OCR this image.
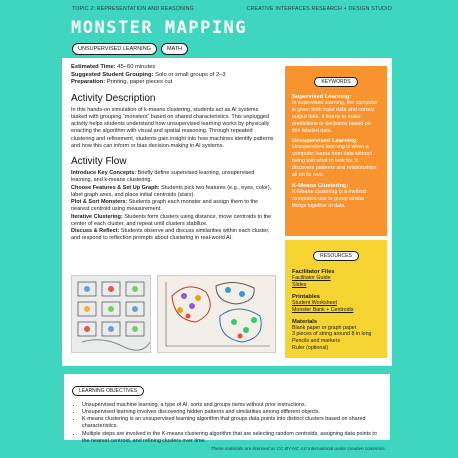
TOPIC 2: REPRESENTATION AND REASONING	CREATIVE INTERFACES RESEARCH + DESIGN STUDIO
MONSTER MAPPING
UNSUPERVISED LEARNING	MATH

Estimated Time: 45–60 minutes

Suggested Student Grouping: Solo or small groups of 2–3

Preparation: Printing, paper pieces cut

Activity Description

In this hands-on simulation of k-means clustering, students act as AI systems tasked with grouping “monsters” based on shared characteristics. This unplugged activity helps students understand how unsupervised learning works by physically enacting the algorithm with visual and spatial reasoning. Through repeated clustering and refinement, students gain insight into how machines identify patterns and how this can inform or bias decision-making in AI systems.

Activity Flow

Introduce Key Concepts: Briefly define supervised learning, unsupervised learning, and k-means clustering.

Choose Features & Set Up Graph: Students pick two features (e.g., eyes, color), label graph axes, and place initial centroids (stars).

Plot & Sort Monsters: Students graph each monster and assign them to the nearest centroid using measurement.

Iterative Clustering: Students form clusters using distance, move centroids to the center of each cluster, and repeat until clusters stabilize.

Discuss & Reflect: Students observe and discuss similarities within each cluster, and respond to reflection prompts about clustering in real-world AI.

KEYWORDS
Supervised Learning:

In supervised learning, the computer is given both input data and correct output data. It learns to make predictions or decisions based on this labeled data.

Unsupervised Learning:

Unsupervised learning is when a computer learns from data without being told what to look for. It discovers patterns and relationships all on its own.

K-Means Clustering:

K-Means clustering is a method computers use to group similar things together in data.

RESOURCES
Facilitator Files
Facilitator Guide
Slides
Printables
Student Worksheet
Monster Bank + Centroids
Materials

Blank paper or graph paper

3 pieces of string around 8 in long

Pencils and markers

Ruler (optional)

LEARNING OBJECTIVES
• Unsupervised machine learning, a type of AI, sorts and groups items without prior instructions.
• Unsupervised learning involves discovering hidden patterns and similarities among different objects.
• K-means clustering is an unsupervised learning algorithm that groups data points into distinct clusters based on shared characteristics.
• Multiple steps are involved in the K-means clustering algorithm that are selecting random centroids, assigning data points to the nearest centroid, and refining clusters over time.
These materials are licensed as CC-BY-NC 4.0 International under creative commons.
